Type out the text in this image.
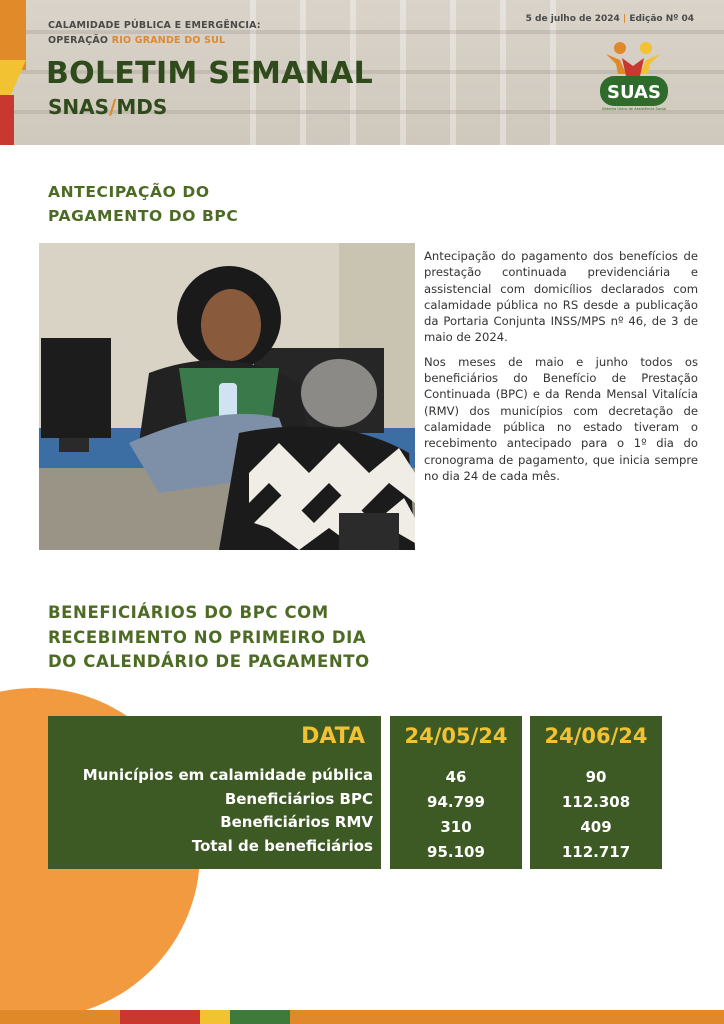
CALAMIDADE PÚBLICA E EMERGÊNCIA:
OPERAÇÃO RIO GRANDE DO SUL
BOLETIM SEMANAL
SNAS/MDS
5 de julho de 2024 | Edição Nº 04
SUAS
Sistema Único de Assistência Social
ANTECIPAÇÃO DO
PAGAMENTO DO BPC

Antecipação do pagamento dos benefícios de prestação continuada previdenciária e assistencial com domicílios declarados com calamidade pública no RS desde a publicação da Portaria Conjunta INSS/MPS nº 46, de 3 de maio de 2024.

Nos meses de maio e junho todos os beneficiários do Benefício de Prestação Continuada (BPC) e da Renda Mensal Vitalícia (RMV) dos municípios com decretação de calamidade pública no estado tiveram o recebimento antecipado para o 1º dia do cronograma de pagamento, que inicia sempre no dia 24 de cada mês.

BENEFICIÁRIOS DO BPC COM
RECEBIMENTO NO PRIMEIRO DIA
DO CALENDÁRIO DE PAGAMENTO
DATA
Municípios em calamidade pública
Beneficiários BPC
Beneficiários RMV
Total de beneficiários
24/05/24
46
94.799
310
95.109
24/06/24
90
112.308
409
112.717
